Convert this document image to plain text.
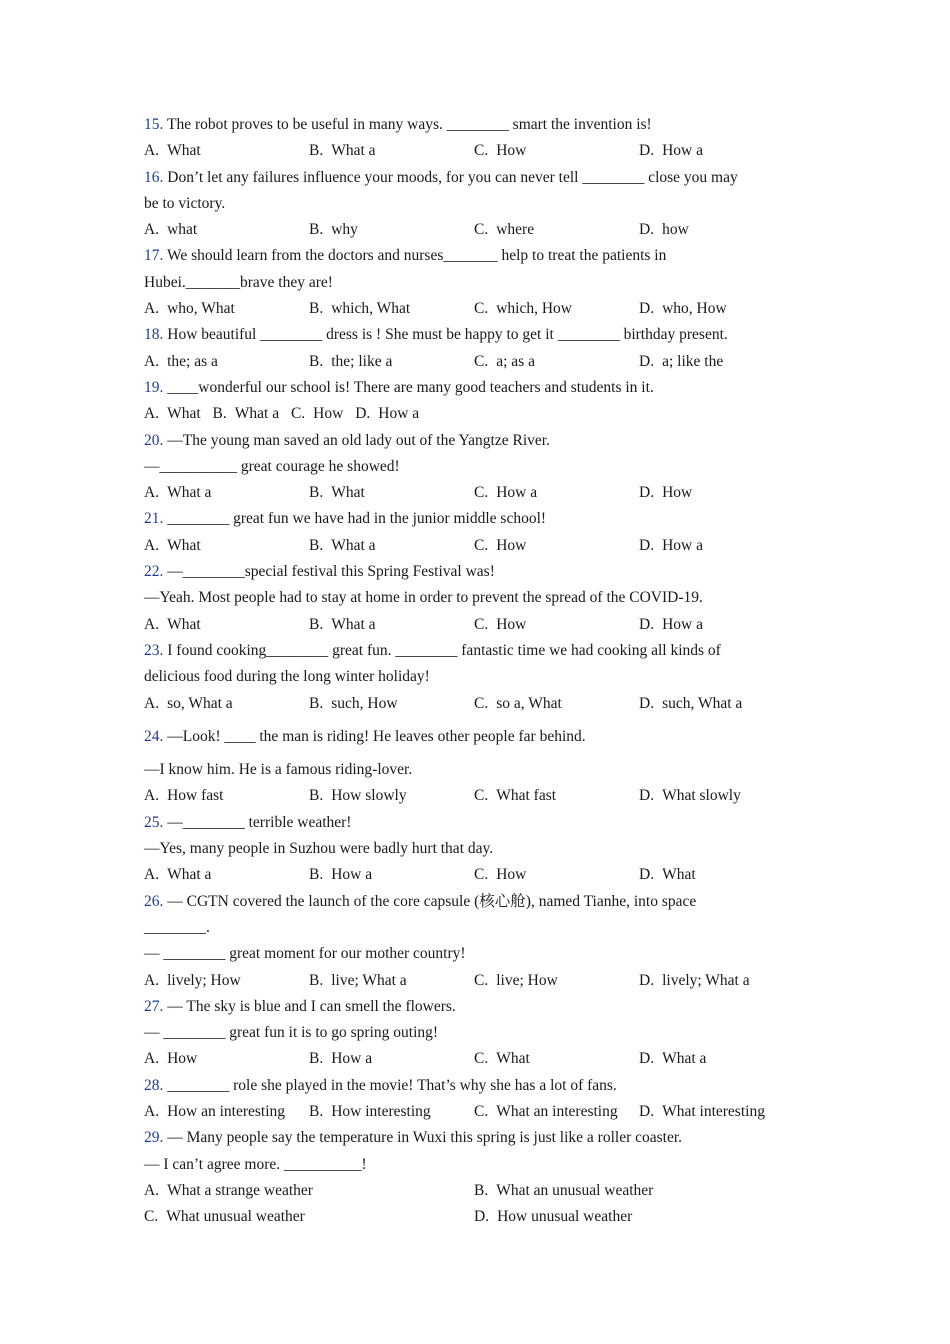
15. The robot proves to be useful in many ways. ________ smart the invention is!
A. What	B. What a	C. How	D. How a
16. Don’t let any failures influence your moods, for you can never tell ________ close you may
be to victory.
A. what	B. why	C. where	D. how
17. We should learn from the doctors and nurses_______ help to treat the patients in
Hubei._______brave they are!
A. who, What	B. which, What	C. which, How	D. who, How
18. How beautiful ________ dress is ! She must be happy to get it ________ birthday present.
A. the; as a	B. the; like a	C. a; as a	D. a; like the
19. ____wonderful our school is! There are many good teachers and students in it.
A. What B. What a C. How D. How a
20. —The young man saved an old lady out of the Yangtze River.
—__________ great courage he showed!
A. What a	B. What	C. How a	D. How
21. ________ great fun we have had in the junior middle school!
A. What	B. What a	C. How	D. How a
22. —________special festival this Spring Festival was!
—Yeah. Most people had to stay at home in order to prevent the spread of the COVID-19.
A. What	B. What a	C. How	D. How a
23. I found cooking________ great fun. ________ fantastic time we had cooking all kinds of
delicious food during the long winter holiday!
A. so, What a	B. such, How	C. so a, What	D. such, What a
24. —Look! ____ the man is riding! He leaves other people far behind.
—I know him. He is a famous riding-lover.
A. How fast	B. How slowly	C. What fast	D. What slowly
25. —________ terrible weather!
—Yes, many people in Suzhou were badly hurt that day.
A. What a	B. How a	C. How	D. What
26. — CGTN covered the launch of the core capsule (核心舱), named Tianhe, into space
________.
— ________ great moment for our mother country!
A. lively; How	B. live; What a	C. live; How	D. lively; What a
27. — The sky is blue and I can smell the flowers.
— ________ great fun it is to go spring outing!
A. How	B. How a	C. What	D. What a
28. ________ role she played in the movie! That’s why she has a lot of fans.
A. How an interesting	B. How interesting	C. What an interesting	D. What interesting
29. — Many people say the temperature in Wuxi this spring is just like a roller coaster.
— I can’t agree more. __________!
A. What a strange weather	B. What an unusual weather
C. What unusual weather	D. How unusual weather
